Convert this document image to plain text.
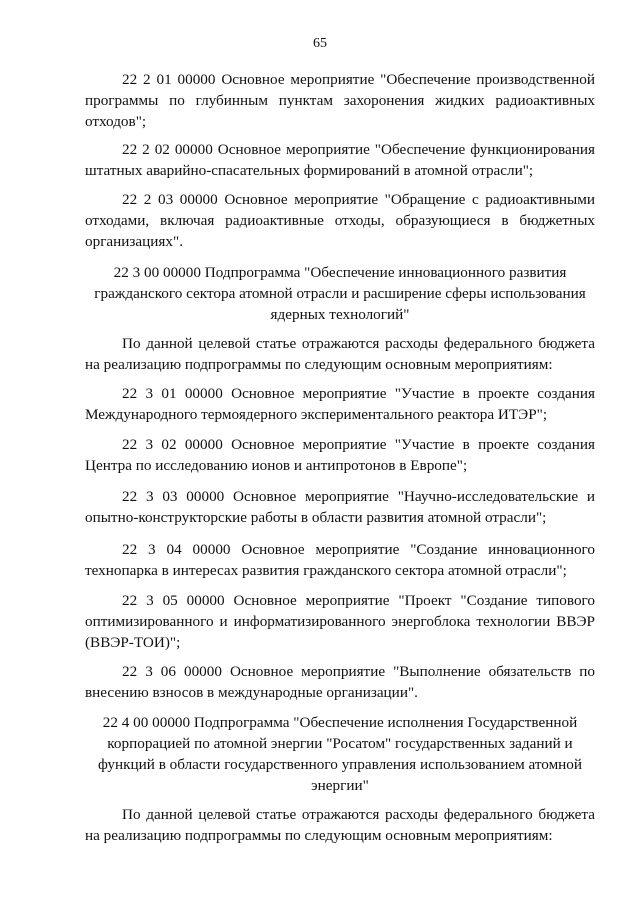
65

22 2 01 00000 Основное мероприятие "Обеспечение производственной программы по глубинным пунктам захоронения жидких радиоактивных отходов";

22 2 02 00000 Основное мероприятие "Обеспечение функционирования штатных аварийно-спасательных формирований в атомной отрасли";

22 2 03 00000 Основное мероприятие "Обращение с радиоактивными отходами, включая радиоактивные отходы, образующиеся в бюджетных организациях".

22 3 00 00000 Подпрограмма "Обеспечение инновационного развития гражданского сектора атомной отрасли и расширение сферы использования ядерных технологий"

По данной целевой статье отражаются расходы федерального бюджета на реализацию подпрограммы по следующим основным мероприятиям:

22 3 01 00000 Основное мероприятие "Участие в проекте создания Международного термоядерного экспериментального реактора ИТЭР";

22 3 02 00000 Основное мероприятие "Участие в проекте создания Центра по исследованию ионов и антипротонов в Европе";

22 3 03 00000 Основное мероприятие "Научно-исследовательские и опытно-конструкторские работы в области развития атомной отрасли";

22 3 04 00000 Основное мероприятие "Создание инновационного технопарка в интересах развития гражданского сектора атомной отрасли";

22 3 05 00000 Основное мероприятие "Проект "Создание типового оптимизированного и информатизированного энергоблока технологии ВВЭР (ВВЭР-ТОИ)";

22 3 06 00000 Основное мероприятие "Выполнение обязательств по внесению взносов в международные организации".

22 4 00 00000 Подпрограмма "Обеспечение исполнения Государственной корпорацией по атомной энергии "Росатом" государственных заданий и функций в области государственного управления использованием атомной энергии"

По данной целевой статье отражаются расходы федерального бюджета на реализацию подпрограммы по следующим основным мероприятиям:
